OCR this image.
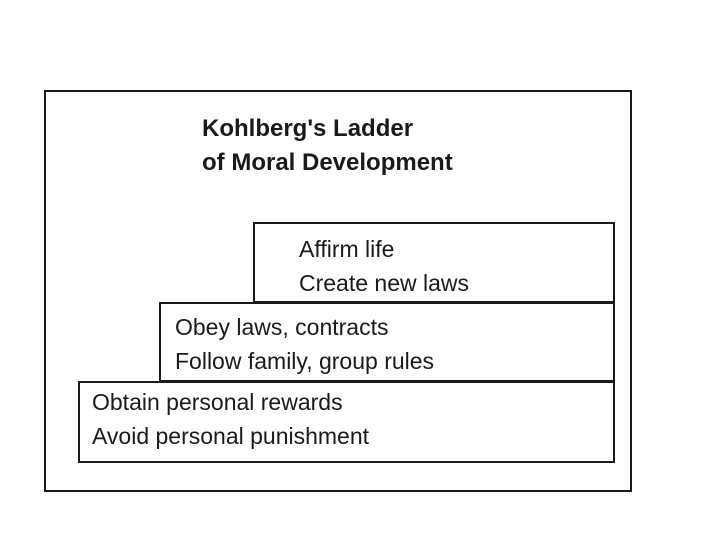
Kohlberg's Ladder
of Moral Development
Affirm life
Create new laws
Obey laws, contracts
Follow family, group rules
Obtain personal rewards
Avoid personal punishment
